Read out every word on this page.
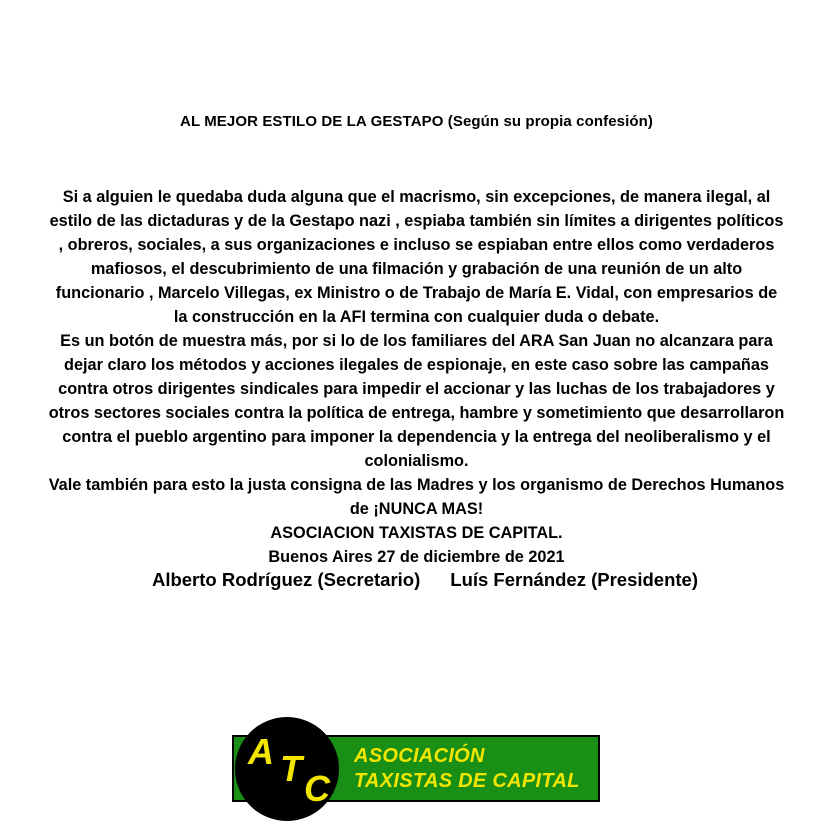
AL MEJOR ESTILO DE LA GESTAPO (Según su propia confesión)
Si a alguien le quedaba duda alguna que el macrismo, sin excepciones, de manera ilegal, al
estilo de las dictaduras y de la Gestapo nazi , espiaba también sin límites a dirigentes políticos
, obreros, sociales, a sus organizaciones e incluso se espiaban entre ellos como verdaderos
mafiosos, el descubrimiento de una filmación y grabación de una reunión de un alto
funcionario , Marcelo Villegas, ex Ministro o de Trabajo de María E. Vidal, con empresarios de
la construcción en la AFI termina con cualquier duda o debate.
Es un botón de muestra más, por si lo de los familiares del ARA San Juan no alcanzara para
dejar claro los métodos y acciones ilegales de espionaje, en este caso sobre las campañas
contra otros dirigentes sindicales para impedir el accionar y las luchas de los trabajadores y
otros sectores sociales contra la política de entrega, hambre y sometimiento que desarrollaron
contra el pueblo argentino para imponer la dependencia y la entrega del neoliberalismo y el
colonialismo.
Vale también para esto la justa consigna de las Madres y los organismo de Derechos Humanos
de ¡NUNCA MAS!
ASOCIACION TAXISTAS DE CAPITAL.
Buenos Aires 27 de diciembre de 2021
Alberto Rodríguez (Secretario) Luís Fernández (Presidente)
A T C
ASOCIACIÓN
TAXISTAS DE CAPITAL
